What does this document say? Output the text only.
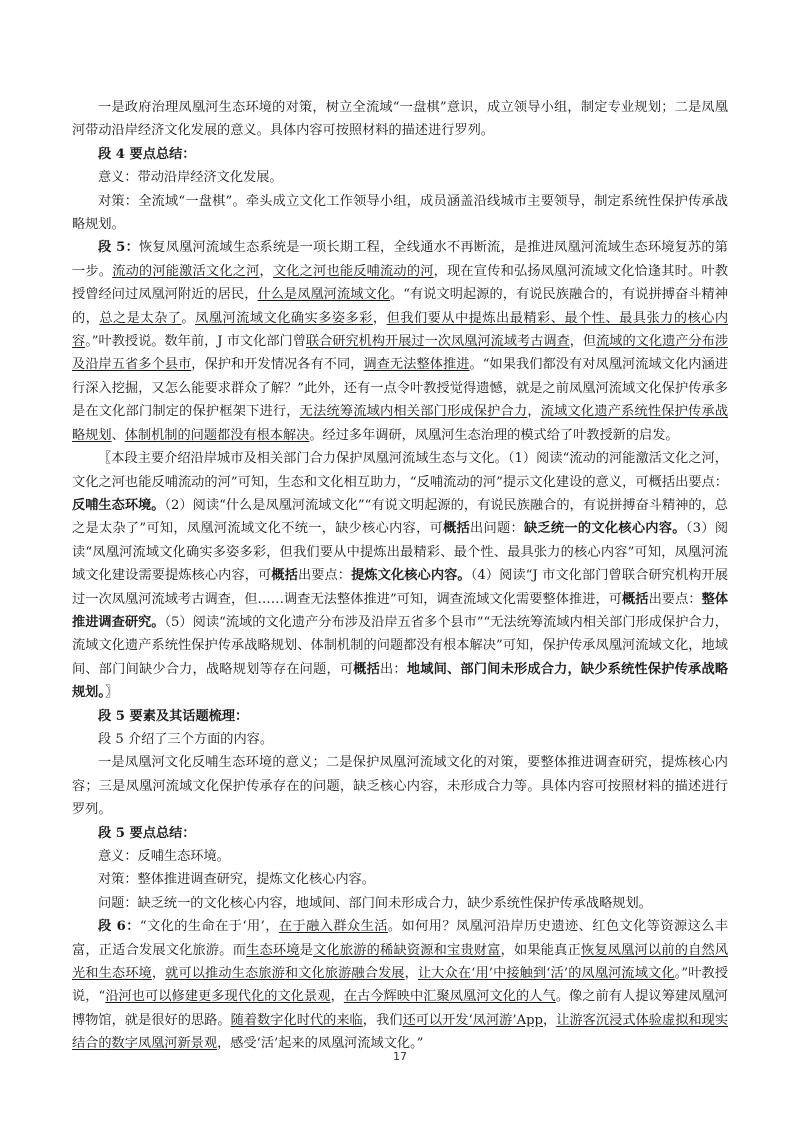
一是政府治理凤凰河生态环境的对策，树立全流域“一盘棋”意识，成立领导小组，制定专业规划；二是凤凰河带动沿岸经济文化发展的意义。具体内容可按照材料的描述进行罗列。

段 4 要点总结：

意义：带动沿岸经济文化发展。

对策：全流域“一盘棋”。牵头成立文化工作领导小组，成员涵盖沿线城市主要领导，制定系统性保护传承战略规划。

段 5：恢复凤凰河流域生态系统是一项长期工程，全线通水不再断流，是推进凤凰河流域生态环境复苏的第一步。流动的河能激活文化之河，文化之河也能反哺流动的河，现在宣传和弘扬凤凰河流域文化恰逢其时。叶教授曾经问过凤凰河附近的居民，什么是凤凰河流域文化。“有说文明起源的，有说民族融合的，有说拼搏奋斗精神的，总之是太杂了。凤凰河流域文化确实多姿多彩，但我们要从中提炼出最精彩、最个性、最具张力的核心内容。”叶教授说。数年前，J 市文化部门曾联合研究机构开展过一次凤凰河流域考古调查，但流域的文化遗产分布涉及沿岸五省多个县市，保护和开发情况各有不同，调查无法整体推进。“如果我们都没有对凤凰河流域文化内涵进行深入挖掘，又怎么能要求群众了解？”此外，还有一点令叶教授觉得遗憾，就是之前凤凰河流域文化保护传承多是在文化部门制定的保护框架下进行，无法统筹流域内相关部门形成保护合力，流域文化遗产系统性保护传承战略规划、体制机制的问题都没有根本解决。经过多年调研，凤凰河生态治理的模式给了叶教授新的启发。

〖本段主要介绍沿岸城市及相关部门合力保护凤凰河流域生态与文化。（1）阅读“流动的河能激活文化之河，文化之河也能反哺流动的河”可知，生态和文化相互助力，“反哺流动的河”提示文化建设的意义，可概括出要点：反哺生态环境。（2）阅读“什么是凤凰河流域文化”“有说文明起源的，有说民族融合的，有说拼搏奋斗精神的，总之是太杂了”可知，凤凰河流域文化不统一，缺少核心内容，可概括出问题：缺乏统一的文化核心内容。（3）阅读“凤凰河流域文化确实多姿多彩，但我们要从中提炼出最精彩、最个性、最具张力的核心内容”可知，凤凰河流域文化建设需要提炼核心内容，可概括出要点：提炼文化核心内容。（4）阅读“J 市文化部门曾联合研究机构开展过一次凤凰河流域考古调查，但……调查无法整体推进”可知，调查流域文化需要整体推进，可概括出要点：整体推进调查研究。（5）阅读“流域的文化遗产分布涉及沿岸五省多个县市”“无法统筹流域内相关部门形成保护合力，流域文化遗产系统性保护传承战略规划、体制机制的问题都没有根本解决”可知，保护传承凤凰河流域文化，地域间、部门间缺少合力，战略规划等存在问题，可概括出：地域间、部门间未形成合力，缺少系统性保护传承战略规划。〗

段 5 要素及其话题梳理：

段 5 介绍了三个方面的内容。

一是凤凰河文化反哺生态环境的意义；二是保护凤凰河流域文化的对策，要整体推进调查研究，提炼核心内容；三是凤凰河流域文化保护传承存在的问题，缺乏核心内容，未形成合力等。具体内容可按照材料的描述进行罗列。

段 5 要点总结：

意义：反哺生态环境。

对策：整体推进调查研究，提炼文化核心内容。

问题：缺乏统一的文化核心内容，地域间、部门间未形成合力，缺少系统性保护传承战略规划。

段 6：“文化的生命在于‘用’，在于融入群众生活。如何用？凤凰河沿岸历史遗迹、红色文化等资源这么丰富，正适合发展文化旅游。而生态环境是文化旅游的稀缺资源和宝贵财富，如果能真正恢复凤凰河以前的自然风光和生态环境，就可以推动生态旅游和文化旅游融合发展，让大众在‘用’中接触到‘活’的凤凰河流域文化。”叶教授说，“沿河也可以修建更多现代化的文化景观，在古今辉映中汇聚凤凰河文化的人气。像之前有人提议筹建凤凰河博物馆，就是很好的思路。随着数字化时代的来临，我们还可以开发‘凤河游’App，让游客沉浸式体验虚拟和现实结合的数字凤凰河新景观，感受‘活’起来的凤凰河流域文化。”

17
